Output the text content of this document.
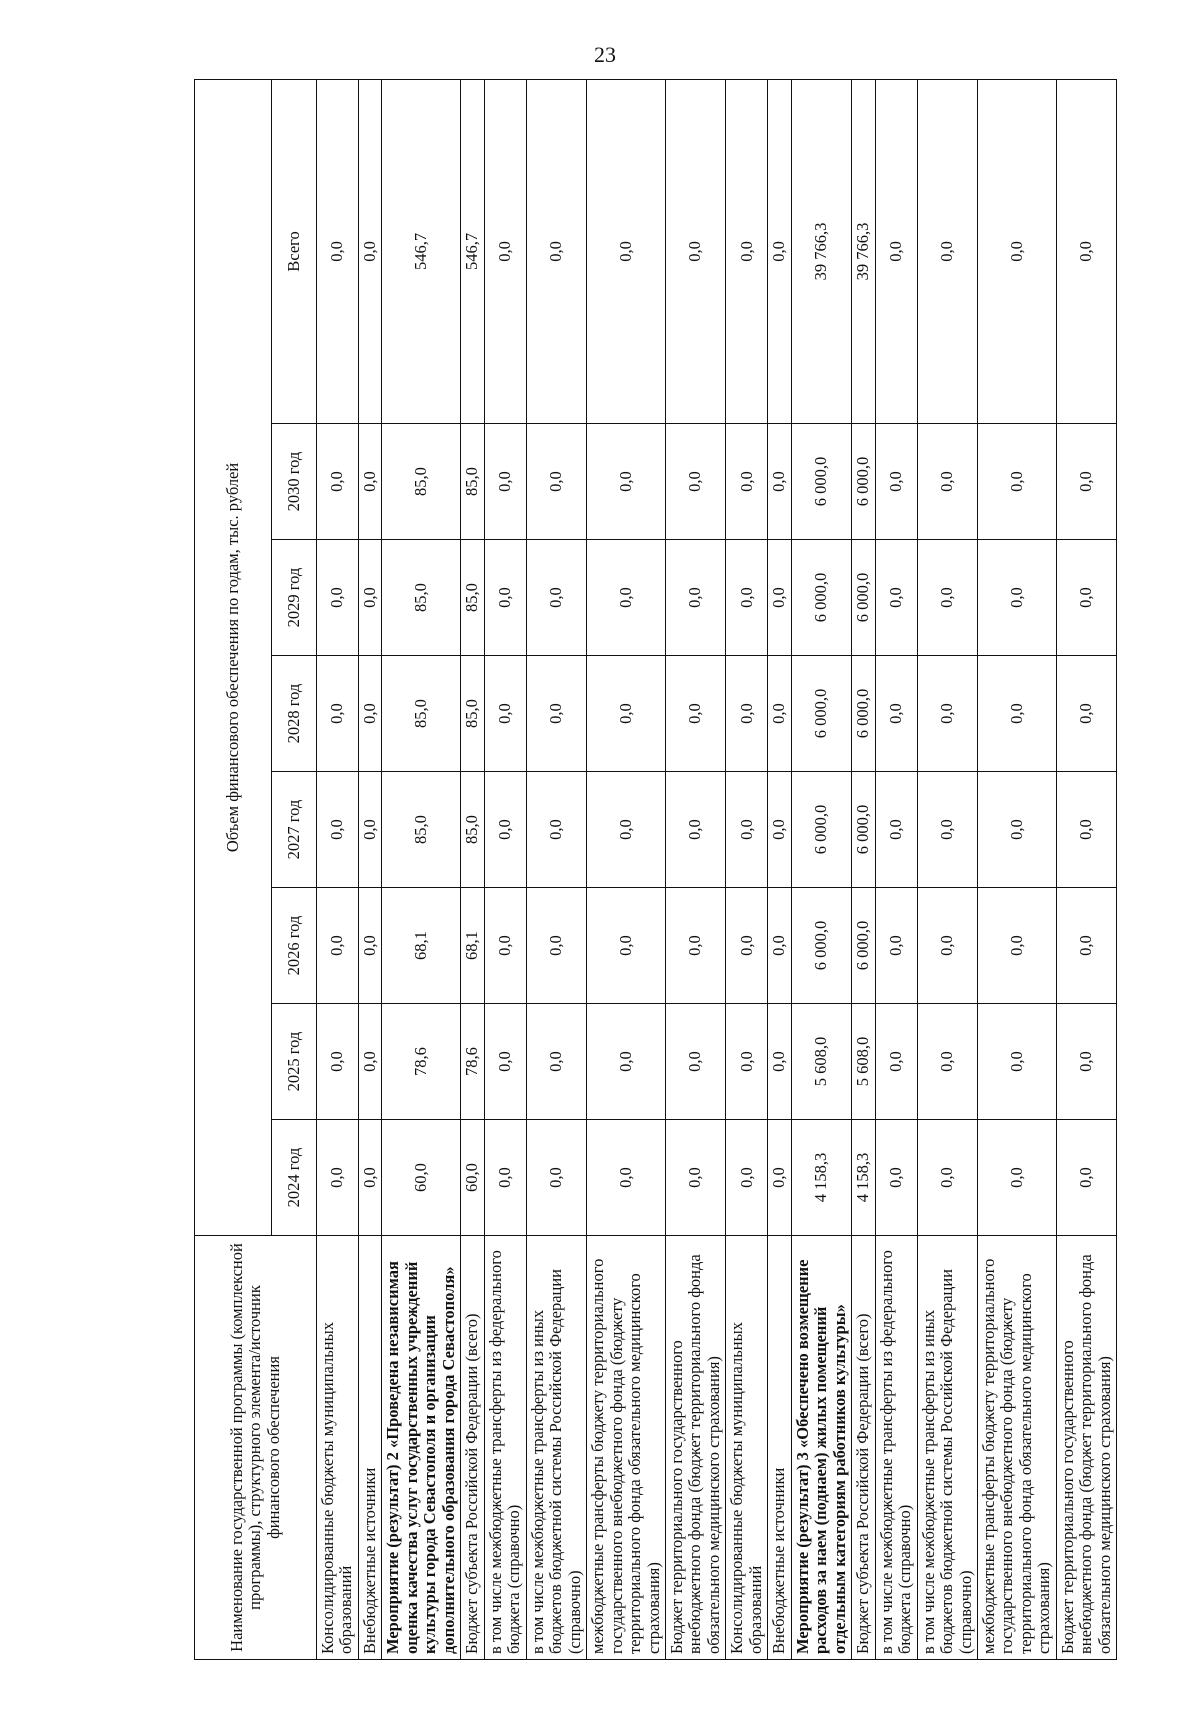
23
Наименование государственной программы (комплексной программы), структурного элемента/источник финансового обеспечения	Объем финансового обеспечения по годам, тыс. рублей							
	2024 год	2025 год	2026 год	2027 год	2028 год	2029 год	2030 год	Всего
Консолидированные бюджеты муниципальных образований	0,0	0,0	0,0	0,0	0,0	0,0	0,0	0,0
Внебюджетные источники	0,0	0,0	0,0	0,0	0,0	0,0	0,0	0,0
Мероприятие (результат) 2 «Проведена независимая оценка качества услуг государственных учреждений культуры города Севастополя и организации дополнительного образования города Севастополя»	60,0	78,6	68,1	85,0	85,0	85,0	85,0	546,7
Бюджет субъекта Российской Федерации (всего)	60,0	78,6	68,1	85,0	85,0	85,0	85,0	546,7
в том числе межбюджетные трансферты из федерального бюджета (справочно)	0,0	0,0	0,0	0,0	0,0	0,0	0,0	0,0
в том числе межбюджетные трансферты из иных бюджетов бюджетной системы Российской Федерации (справочно)	0,0	0,0	0,0	0,0	0,0	0,0	0,0	0,0
межбюджетные трансферты бюджету территориального государственного внебюджетного фонда (бюджету территориального фонда обязательного медицинского страхования)	0,0	0,0	0,0	0,0	0,0	0,0	0,0	0,0
Бюджет территориального государственного внебюджетного фонда (бюджет территориального фонда обязательного медицинского страхования)	0,0	0,0	0,0	0,0	0,0	0,0	0,0	0,0
Консолидированные бюджеты муниципальных образований	0,0	0,0	0,0	0,0	0,0	0,0	0,0	0,0
Внебюджетные источники	0,0	0,0	0,0	0,0	0,0	0,0	0,0	0,0
Мероприятие (результат) 3 «Обеспечено возмещение расходов за наем (поднаем) жилых помещений отдельным категориям работников культуры»	4 158,3	5 608,0	6 000,0	6 000,0	6 000,0	6 000,0	6 000,0	39 766,3
Бюджет субъекта Российской Федерации (всего)	4 158,3	5 608,0	6 000,0	6 000,0	6 000,0	6 000,0	6 000,0	39 766,3
в том числе межбюджетные трансферты из федерального бюджета (справочно)	0,0	0,0	0,0	0,0	0,0	0,0	0,0	0,0
в том числе межбюджетные трансферты из иных бюджетов бюджетной системы Российской Федерации (справочно)	0,0	0,0	0,0	0,0	0,0	0,0	0,0	0,0
межбюджетные трансферты бюджету территориального государственного внебюджетного фонда (бюджету территориального фонда обязательного медицинского страхования)	0,0	0,0	0,0	0,0	0,0	0,0	0,0	0,0
Бюджет территориального государственного внебюджетного фонда (бюджет территориального фонда обязательного медицинского страхования)	0,0	0,0	0,0	0,0	0,0	0,0	0,0	0,0
